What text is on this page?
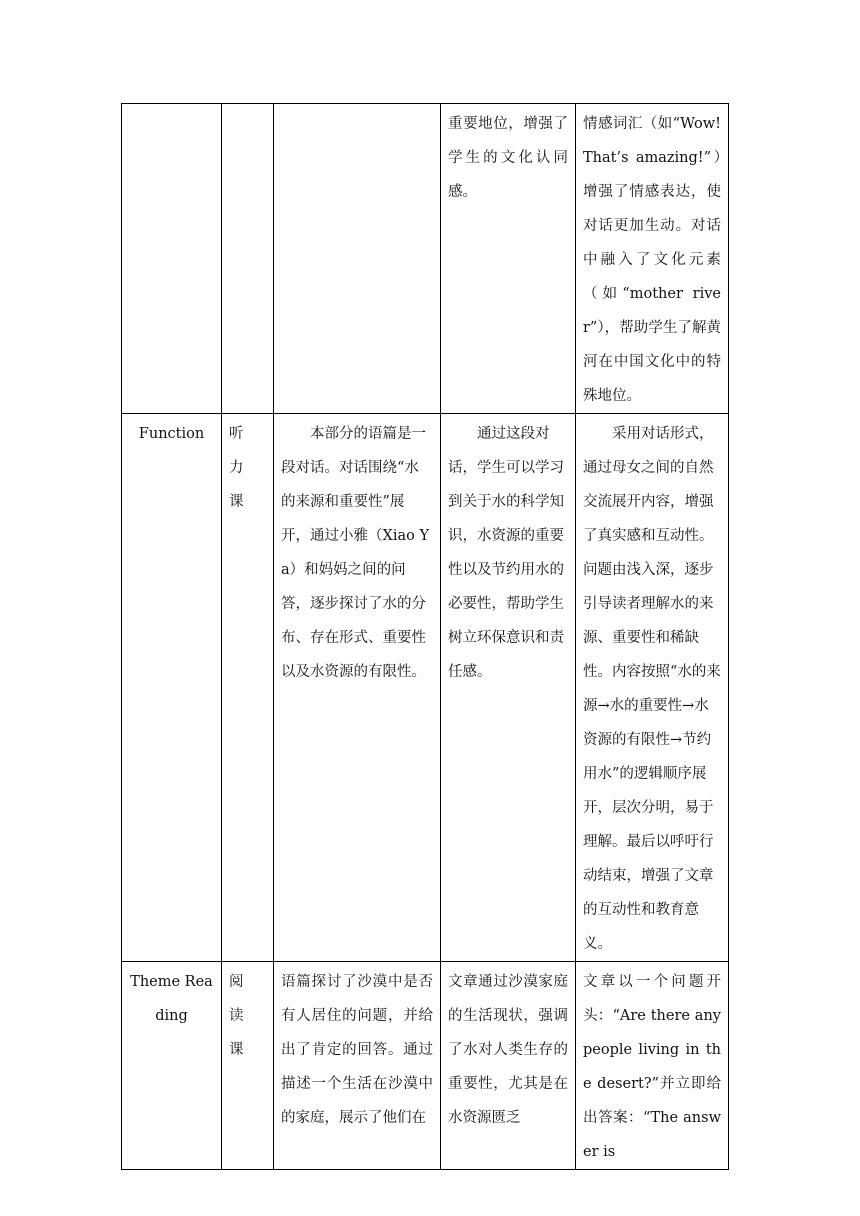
			重要地位，增强了学生的文化认同感。	情感词汇（如“Wow! That’s amazing!”）增强了情感表达，使对话更加生动。对话中融入了文化元素（如“mother river”），帮助学生了解黄河在中国文化中的特殊地位。
Function	听力课	本部分的语篇是一段对话。对话围绕“水的来源和重要性”展开，通过小雅（Xiao Ya）和妈妈之间的问答，逐步探讨了水的分布、存在形式、重要性以及水资源的有限性。	通过这段对话，学生可以学习到关于水的科学知识，水资源的重要性以及节约用水的必要性，帮助学生树立环保意识和责任感。	采用对话形式，通过母女之间的自然交流展开内容，增强了真实感和互动性。问题由浅入深，逐步引导读者理解水的来源、重要性和稀缺性。内容按照“水的来源→水的重要性→水资源的有限性→节约用水”的逻辑顺序展开，层次分明，易于理解。最后以呼吁行动结束，增强了文章的互动性和教育意义。
Theme Reading	阅读课	语篇探讨了沙漠中是否有人居住的问题，并给出了肯定的回答。通过描述一个生活在沙漠中的家庭，展示了他们在	文章通过沙漠家庭的生活现状，强调了水对人类生存的重要性，尤其是在水资源匮乏	文章以一个问题开头：“Are there any people living in the desert?”并立即给出答案：“The answer is
